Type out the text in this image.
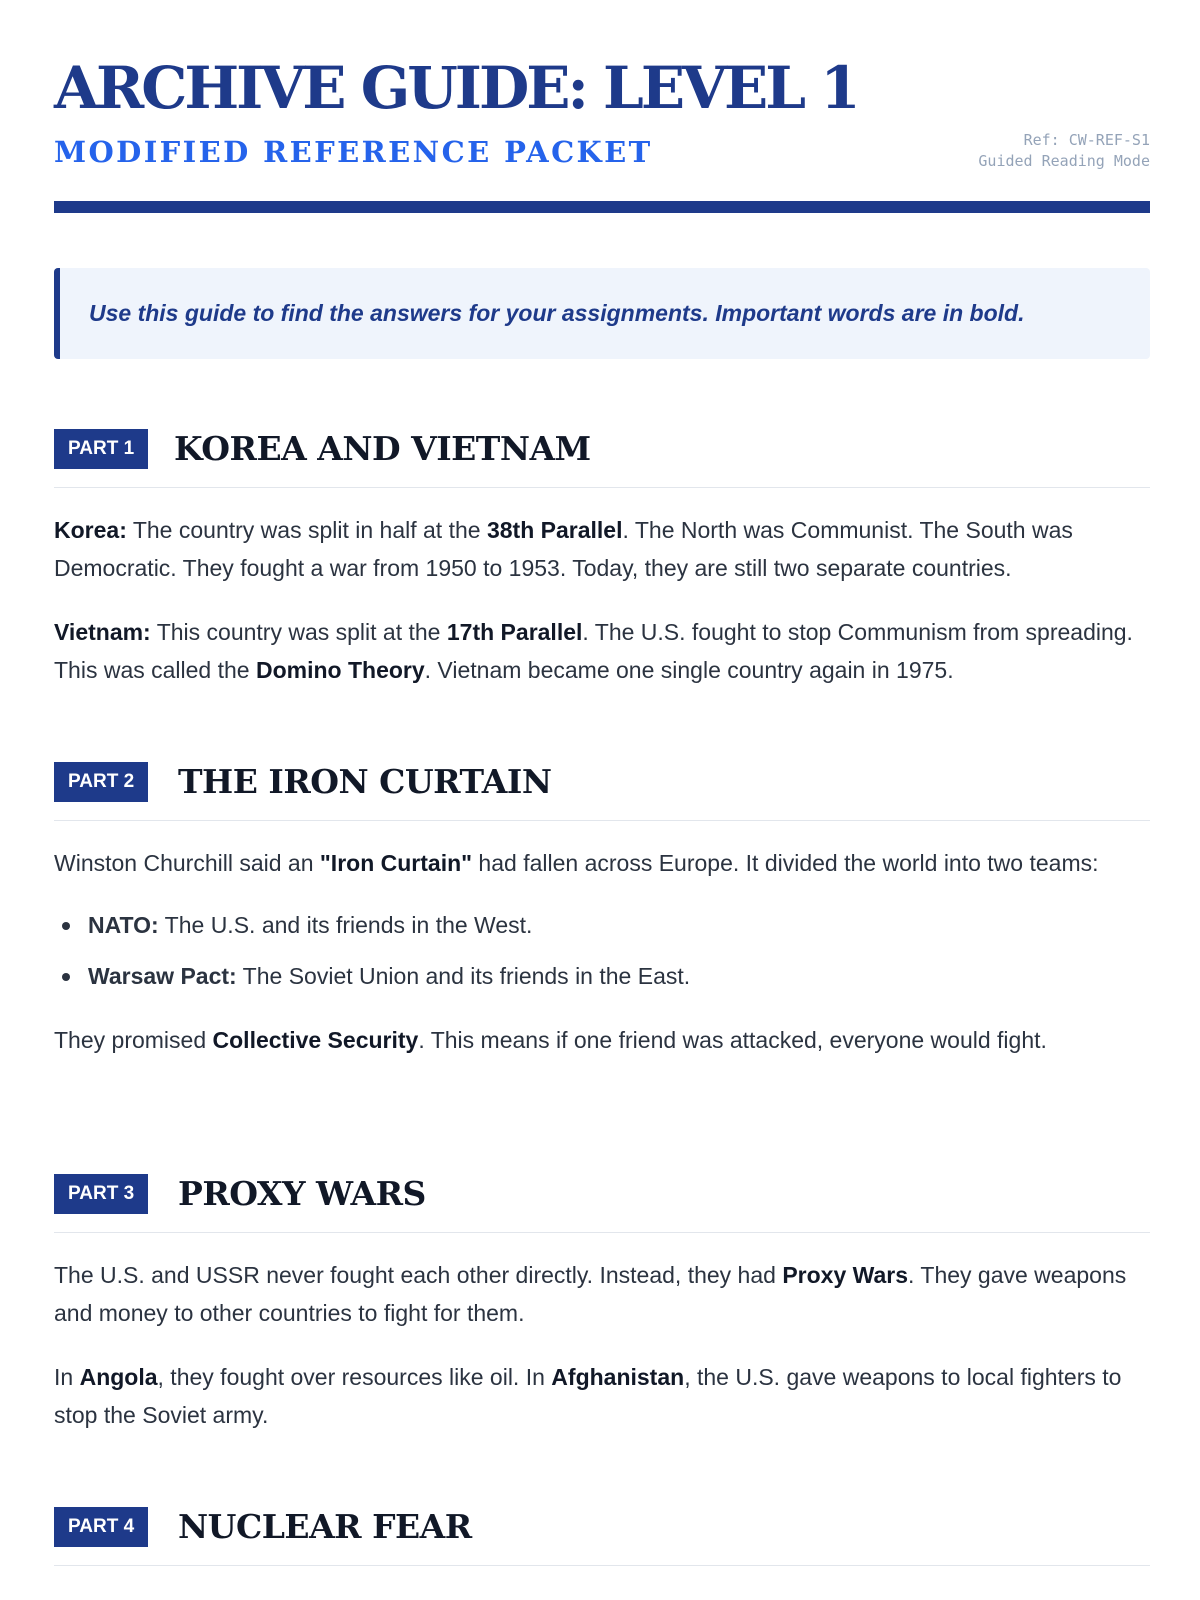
ARCHIVE GUIDE: LEVEL 1
MODIFIED REFERENCE PACKET	Ref: CW-REF-S1
Guided Reading Mode

Use this guide to find the answers for your assignments. Important words are in bold.

PART 1	KOREA AND VIETNAM

Korea: The country was split in half at the 38th Parallel. The North was Communist. The South was Democratic. They fought a war from 1950 to 1953. Today, they are still two separate countries.

Vietnam: This country was split at the 17th Parallel. The U.S. fought to stop Communism from spreading. This was called the Domino Theory. Vietnam became one single country again in 1975.

PART 2	THE IRON CURTAIN

Winston Churchill said an "Iron Curtain" had fallen across Europe. It divided the world into two teams:

NATO: The U.S. and its friends in the West.
Warsaw Pact: The Soviet Union and its friends in the East.

They promised Collective Security. This means if one friend was attacked, everyone would fight.

PART 3	PROXY WARS

The U.S. and USSR never fought each other directly. Instead, they had Proxy Wars. They gave weapons and money to other countries to fight for them.

In Angola, they fought over resources like oil. In Afghanistan, the U.S. gave weapons to local fighters to stop the Soviet army.

PART 4	NUCLEAR FEAR
